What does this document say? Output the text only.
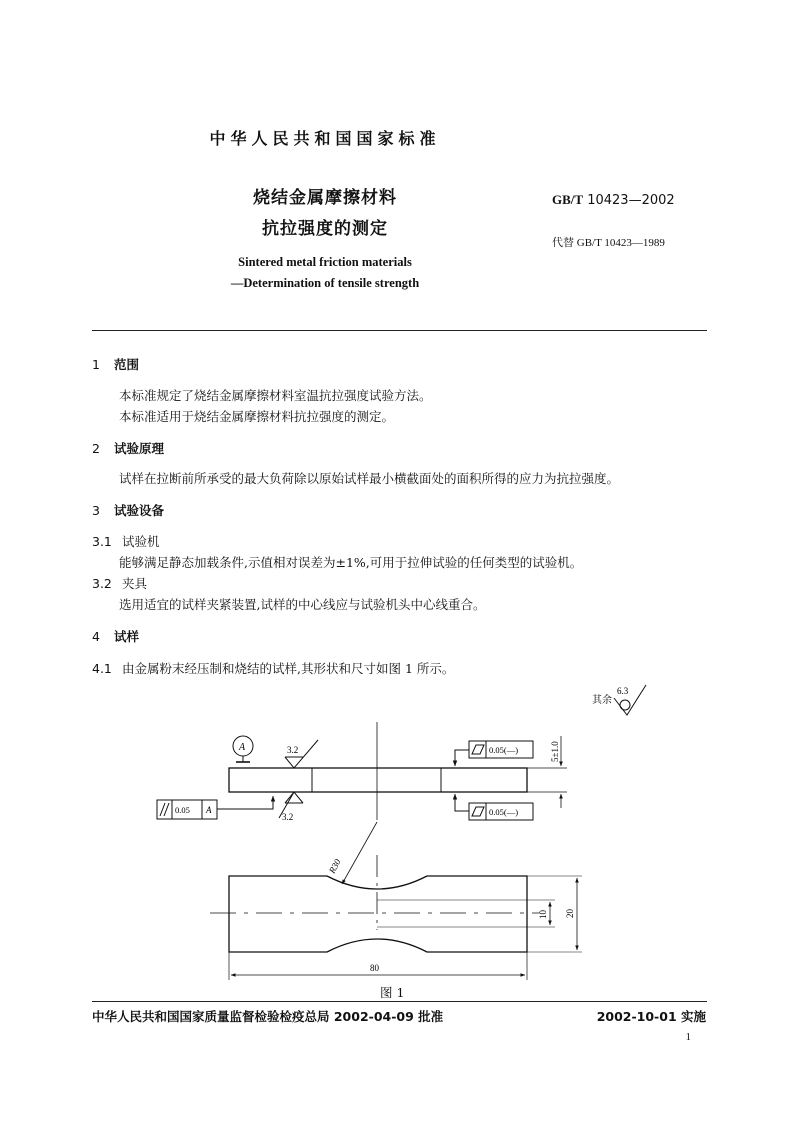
中华人民共和国国家标准
烧结金属摩擦材料
抗拉强度的测定
Sintered metal friction materials
—Determination of tensile strength
GB/T 10423—2002
代替 GB/T 10423—1989
1 范围
本标准规定了烧结金属摩擦材料室温抗拉强度试验方法。
本标准适用于烧结金属摩擦材料抗拉强度的测定。
2 试验原理
试样在拉断前所承受的最大负荷除以原始试样最小横截面处的面积所得的应力为抗拉强度。
3 试验设备
3.1 试验机
能够满足静态加载条件,示值相对误差为±1%,可用于拉伸试验的任何类型的试验机。
3.2 夹具
选用适宜的试样夹紧装置,试样的中心线应与试验机头中心线重合。
4 试样
4.1 由金属粉末经压制和烧结的试样,其形状和尺寸如图 1 所示。
其余
6.3
A	3.2
3.2
0.05 A
0.05(—)
0.05(—)
5±1.0
R30
80
10 20
图 1
中华人民共和国国家质量监督检验检疫总局 2002-04-09 批准	2002-10-01 实施
1
